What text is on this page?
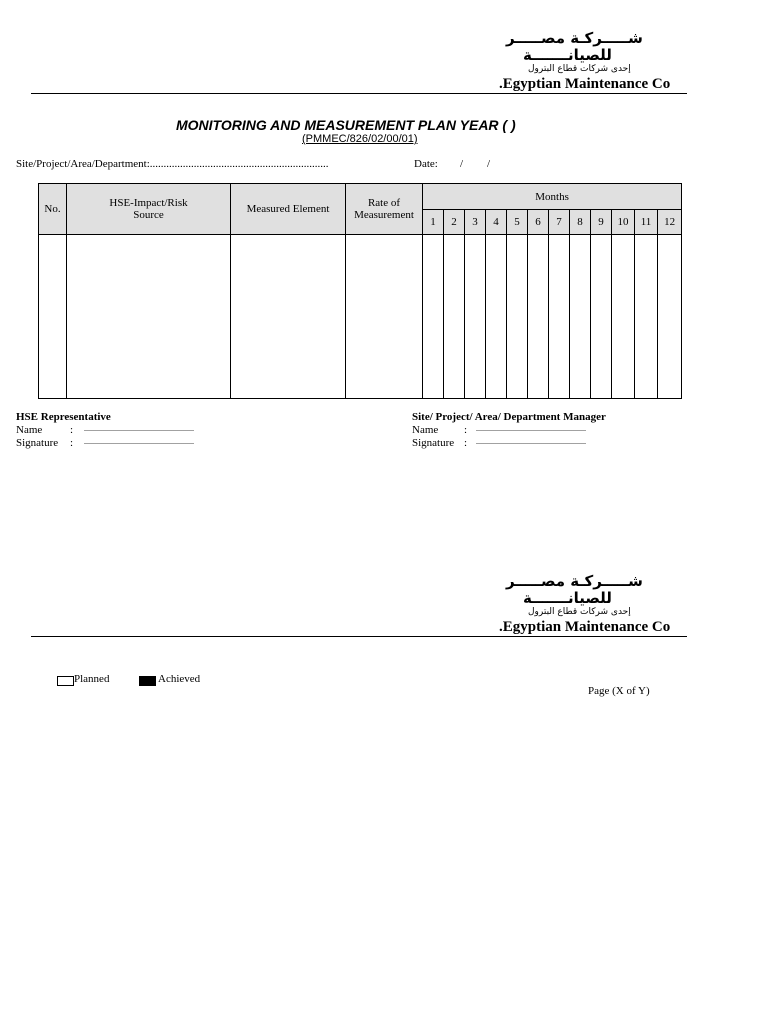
شـــــركـة مصـــــر
للصيانـــــــة
إحدى شركات قطاع البترول
.Egyptian Maintenance Co
MONITORING AND MEASUREMENT PLAN YEAR ( )
(PMMEC/826/02/00/01)
Site/Project/Area/Department:.................................................................	Date: / /
No.	HSE-Impact/Risk Source	Measured Element	Rate of Measurement	Months											
				1	2	3	4	5	6	7	8	9	10	11	12

HSE Representative
Name	: .......................................................
Signature : .......................................................
Site/ Project/ Area/ Department Manager
Name : .......................................................
Signature : .......................................................
شـــــركـة مصـــــر
للصيانـــــــة
إحدى شركات قطاع البترول
.Egyptian Maintenance Co
Planned	Achieved
Page (X of Y)
